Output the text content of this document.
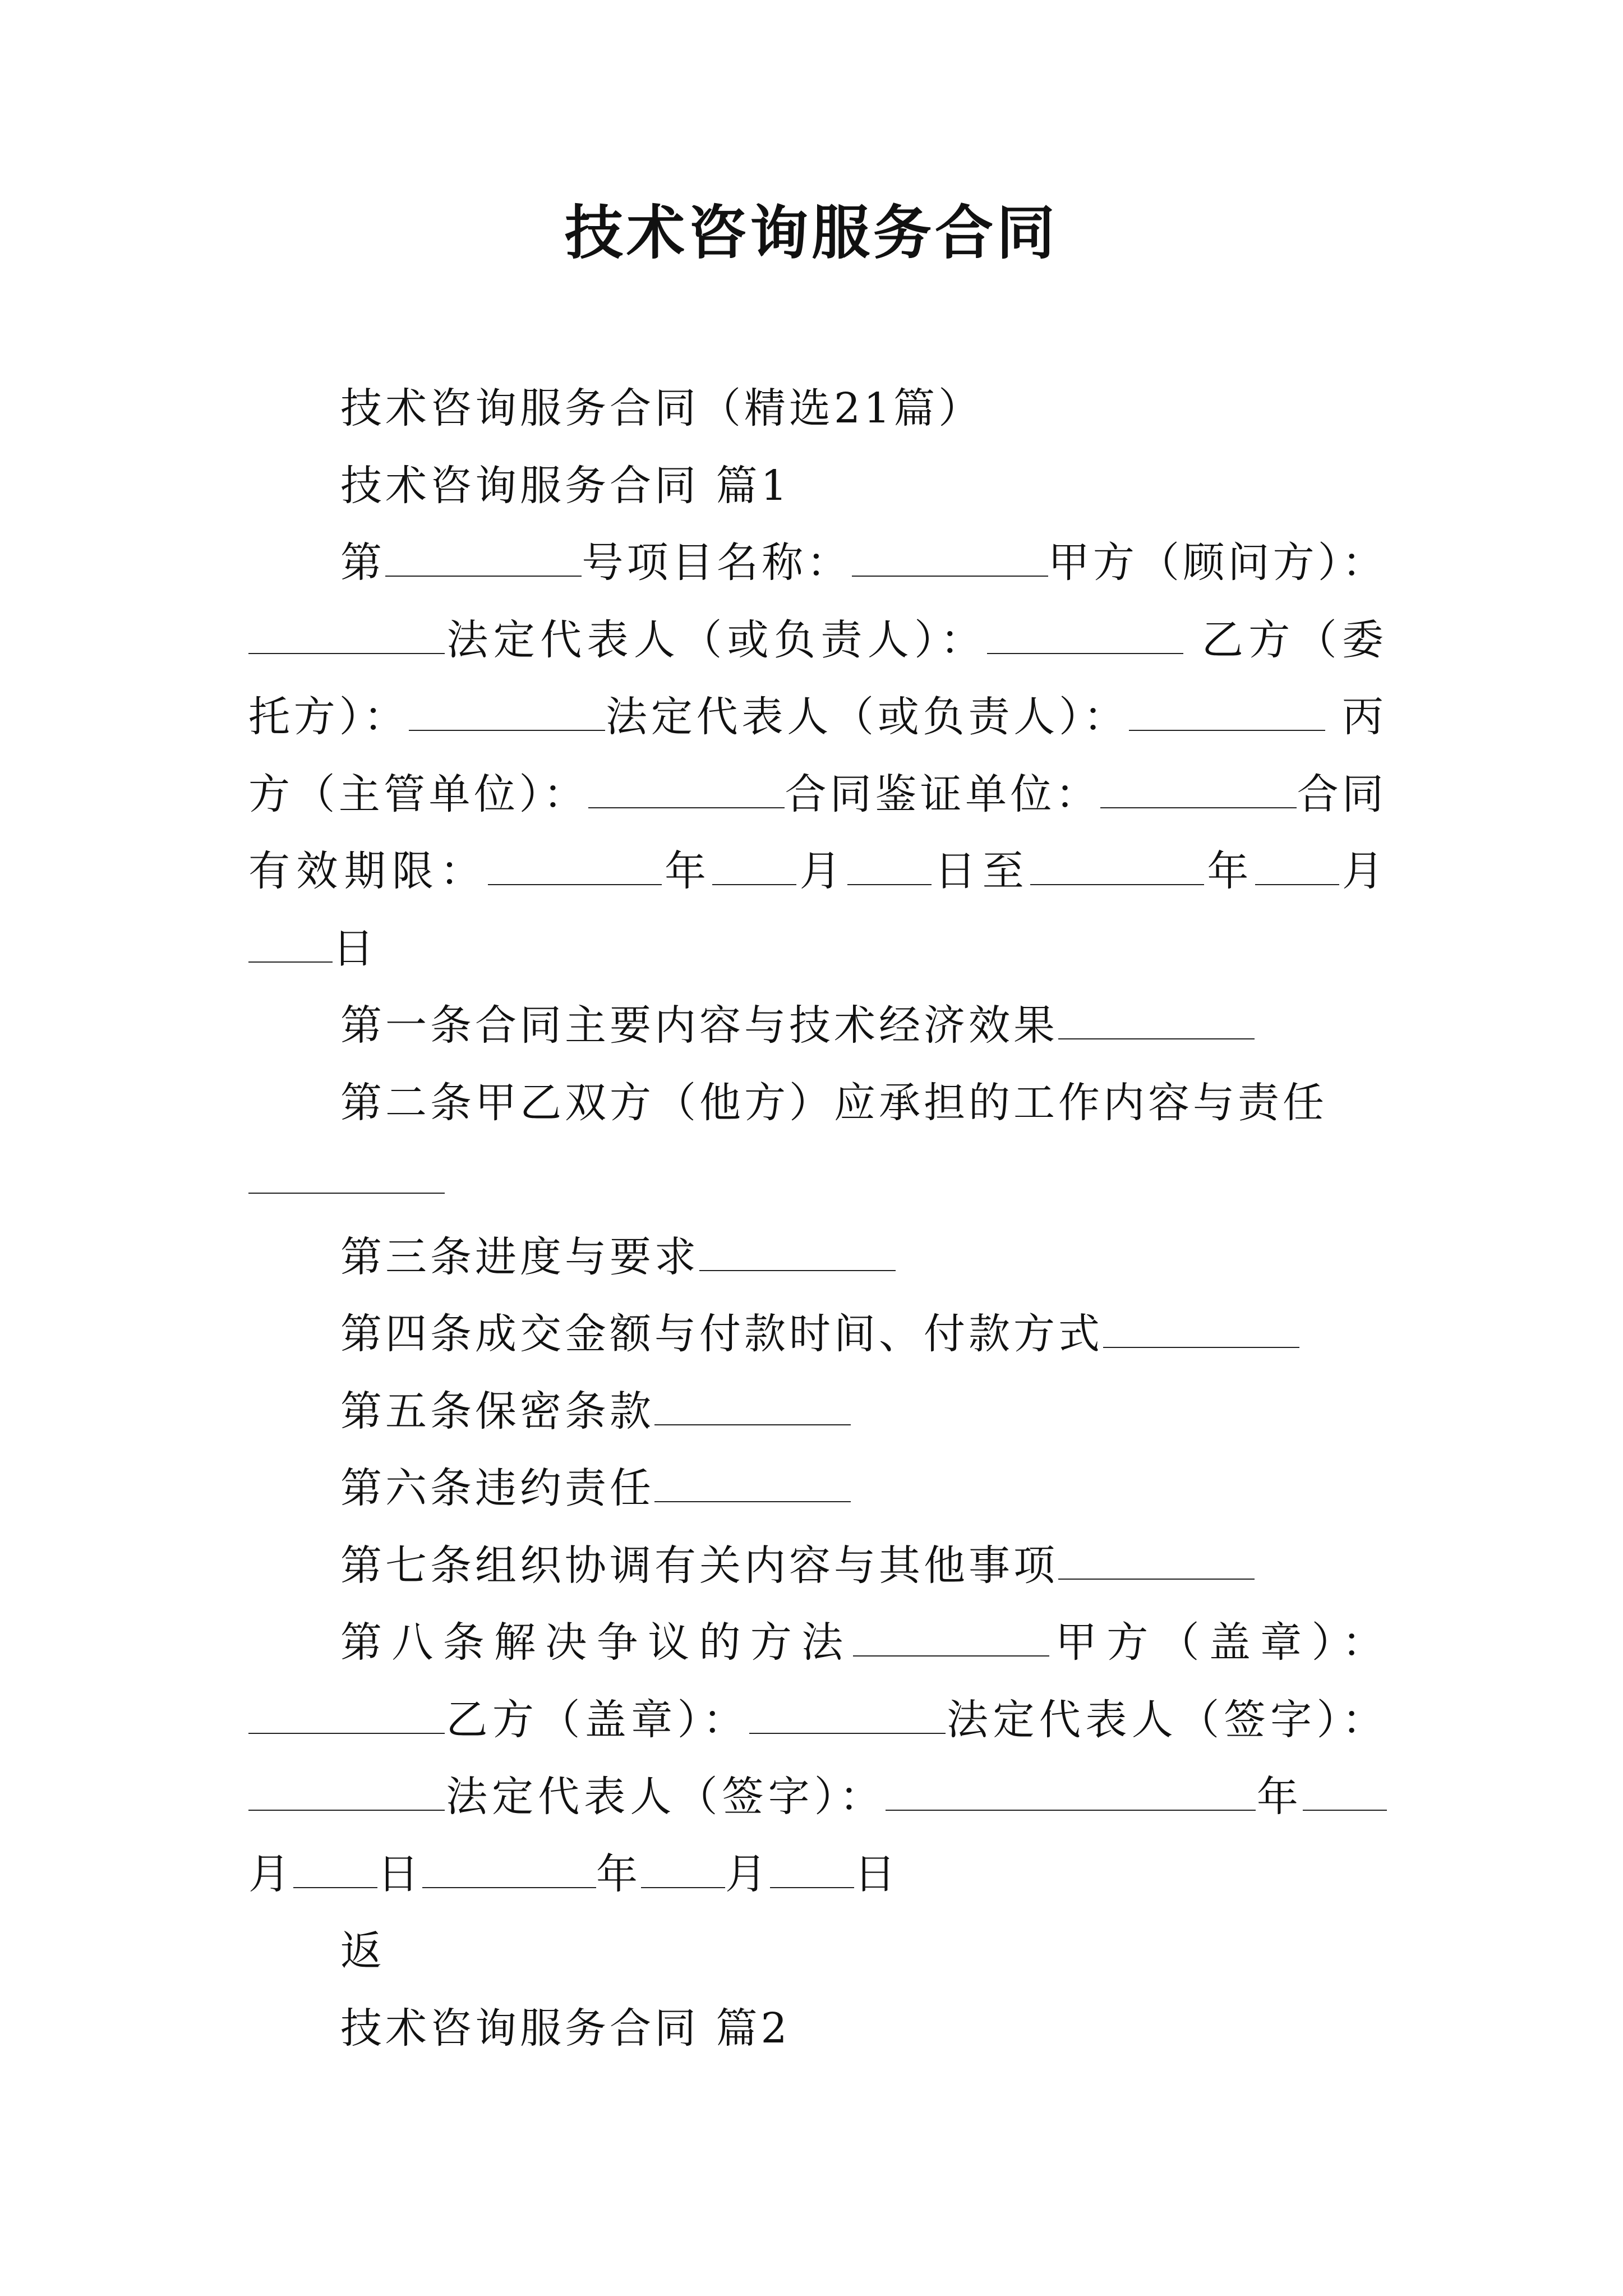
技术咨询服务合同

技术咨询服务合同（精选21篇）

技术咨询服务合同 篇1

第	号项目名称：	甲方（顾问方）：法定代表人（或负责人）：	乙方（委托方）：	法定代表人（或负责人）：	丙方（主管单位）：	合同鉴证单位：	合同有效期限：	年 月 日至	年 月日

第一条合同主要内容与技术经济效果

第二条甲乙双方（他方）应承担的工作内容与责任

第三条进度与要求

第四条成交金额与付款时间、付款方式

第五条保密条款

第六条违约责任

第七条组织协调有关内容与其他事项

第八条解决争议的方法	甲方（盖章）：乙方（盖章）：	法定代表人（签字）：法定代表人（签字）：	年月 日	年 月 日

返

技术咨询服务合同 篇2
